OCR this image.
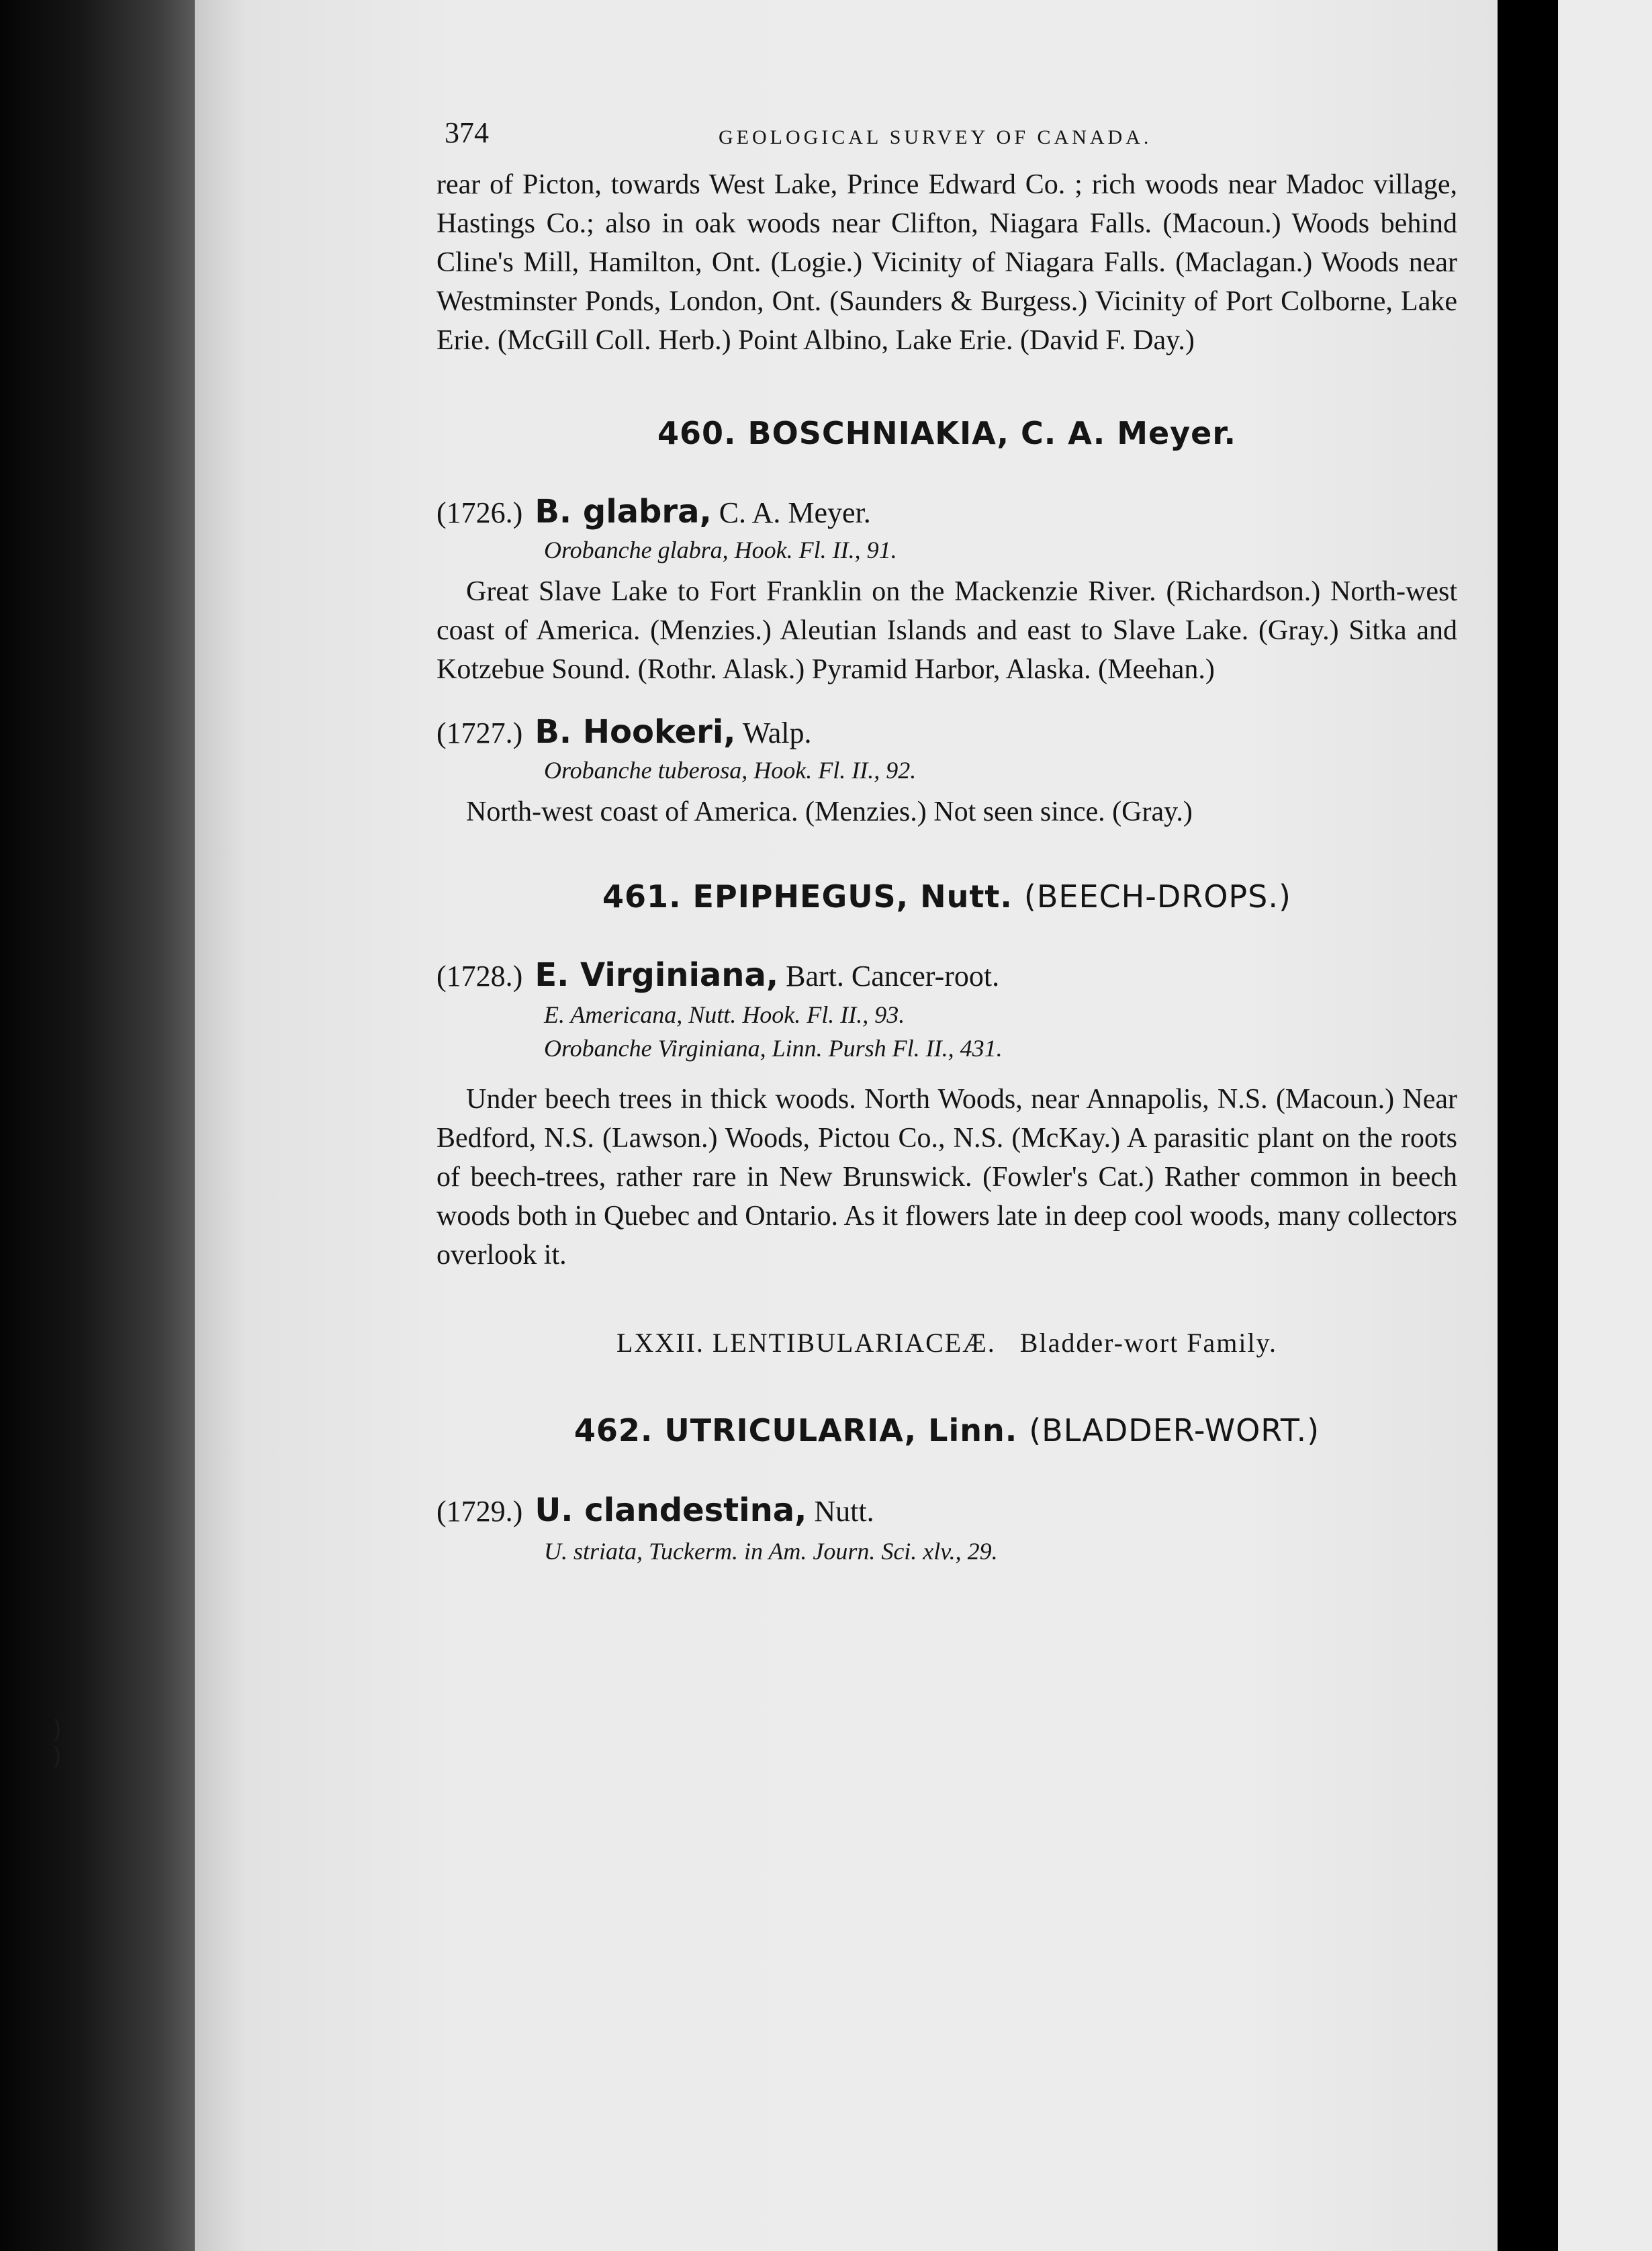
)
)
374	GEOLOGICAL SURVEY OF CANADA.

rear of Picton, towards West Lake, Prince Edward Co. ; rich woods near Madoc village, Hastings Co.; also in oak woods near Clifton, Niagara Falls. (Macoun.) Woods behind Cline's Mill, Hamilton, Ont. (Logie.) Vicinity of Niagara Falls. (Maclagan.) Woods near Westminster Ponds, London, Ont. (Saunders & Burgess.) Vicinity of Port Colborne, Lake Erie. (McGill Coll. Herb.) Point Albino, Lake Erie. (David F. Day.)

460. BOSCHNIAKIA, C. A. Meyer.

(1726.) B. glabra, C. A. Meyer.

Orobanche glabra, Hook. Fl. II., 91.

Great Slave Lake to Fort Franklin on the Mackenzie River. (Richardson.) North-west coast of America. (Menzies.) Aleutian Islands and east to Slave Lake. (Gray.) Sitka and Kotzebue Sound. (Rothr. Alask.) Pyramid Harbor, Alaska. (Meehan.)

(1727.) B. Hookeri, Walp.

Orobanche tuberosa, Hook. Fl. II., 92.

North-west coast of America. (Menzies.) Not seen since. (Gray.)

461. EPIPHEGUS, Nutt. (BEECH-DROPS.)

(1728.) E. Virginiana, Bart. Cancer-root.

E. Americana, Nutt. Hook. Fl. II., 93.

Orobanche Virginiana, Linn. Pursh Fl. II., 431.

Under beech trees in thick woods. North Woods, near Annapolis, N.S. (Macoun.) Near Bedford, N.S. (Lawson.) Woods, Pictou Co., N.S. (McKay.) A parasitic plant on the roots of beech-trees, rather rare in New Brunswick. (Fowler's Cat.) Rather common in beech woods both in Quebec and Ontario. As it flowers late in deep cool woods, many collectors overlook it.

LXXII. LENTIBULARIACEÆ. Bladder-wort Family.

462. UTRICULARIA, Linn. (BLADDER-WORT.)

(1729.) U. clandestina, Nutt.

U. striata, Tuckerm. in Am. Journ. Sci. xlv., 29.
